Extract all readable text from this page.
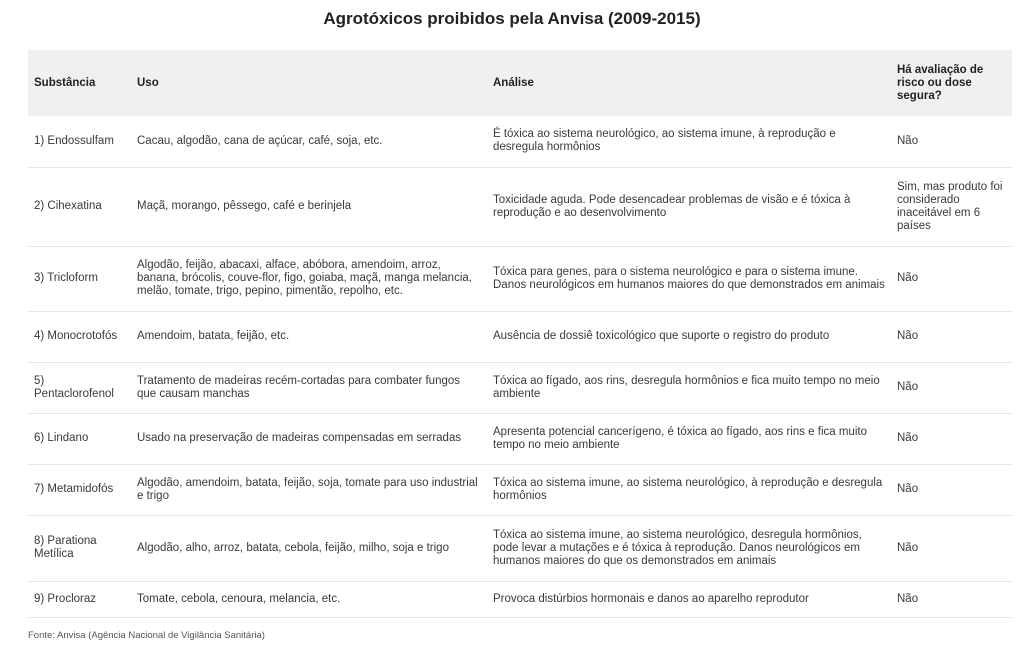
Agrotóxicos proibidos pela Anvisa (2009-2015)
Substância	Uso	Análise	Há avaliação de risco ou dose segura?
1) Endossulfam	Cacau, algodão, cana de açúcar, café, soja, etc.	É tóxica ao sistema neurológico, ao sistema imune, à reprodução e desregula hormônios	Não
2) Cihexatina	Maçã, morango, pêssego, café e berinjela	Toxicidade aguda. Pode desencadear problemas de visão e é tóxica à reprodução e ao desenvolvimento	Sim, mas produto foi considerado inaceitável em 6 países
3) Tricloform	Algodão, feijão, abacaxi, alface, abóbora, amendoim, arroz, banana, brócolis, couve-flor, figo, goiaba, maçã, manga melancia, melão, tomate, trigo, pepino, pimentão, repolho, etc.	Tóxica para genes, para o sistema neurológico e para o sistema imune. Danos neurológicos em humanos maiores do que demonstrados em animais	Não
4) Monocrotofós	Amendoim, batata, feijão, etc.	Ausência de dossiê toxicológico que suporte o registro do produto	Não
5) Pentaclorofenol	Tratamento de madeiras recém-cortadas para combater fungos que causam manchas	Tóxica ao fígado, aos rins, desregula hormônios e fica muito tempo no meio ambiente	Não
6) Lindano	Usado na preservação de madeiras compensadas em serradas	Apresenta potencial cancerígeno, é tóxica ao fígado, aos rins e fica muito tempo no meio ambiente	Não
7) Metamidofós	Algodão, amendoim, batata, feijão, soja, tomate para uso industrial e trigo	Tóxica ao sistema imune, ao sistema neurológico, à reprodução e desregula hormônios	Não
8) Parationa Metílica	Algodão, alho, arroz, batata, cebola, feijão, milho, soja e trigo	Tóxica ao sistema imune, ao sistema neurológico, desregula hormônios, pode levar a mutações e é tóxica à reprodução. Danos neurológicos em humanos maiores do que os demonstrados em animais	Não
9) Procloraz	Tomate, cebola, cenoura, melancia, etc.	Provoca distúrbios hormonais e danos ao aparelho reprodutor	Não
Fonte: Anvisa (Agência Nacional de Vigilância Sanitária)
